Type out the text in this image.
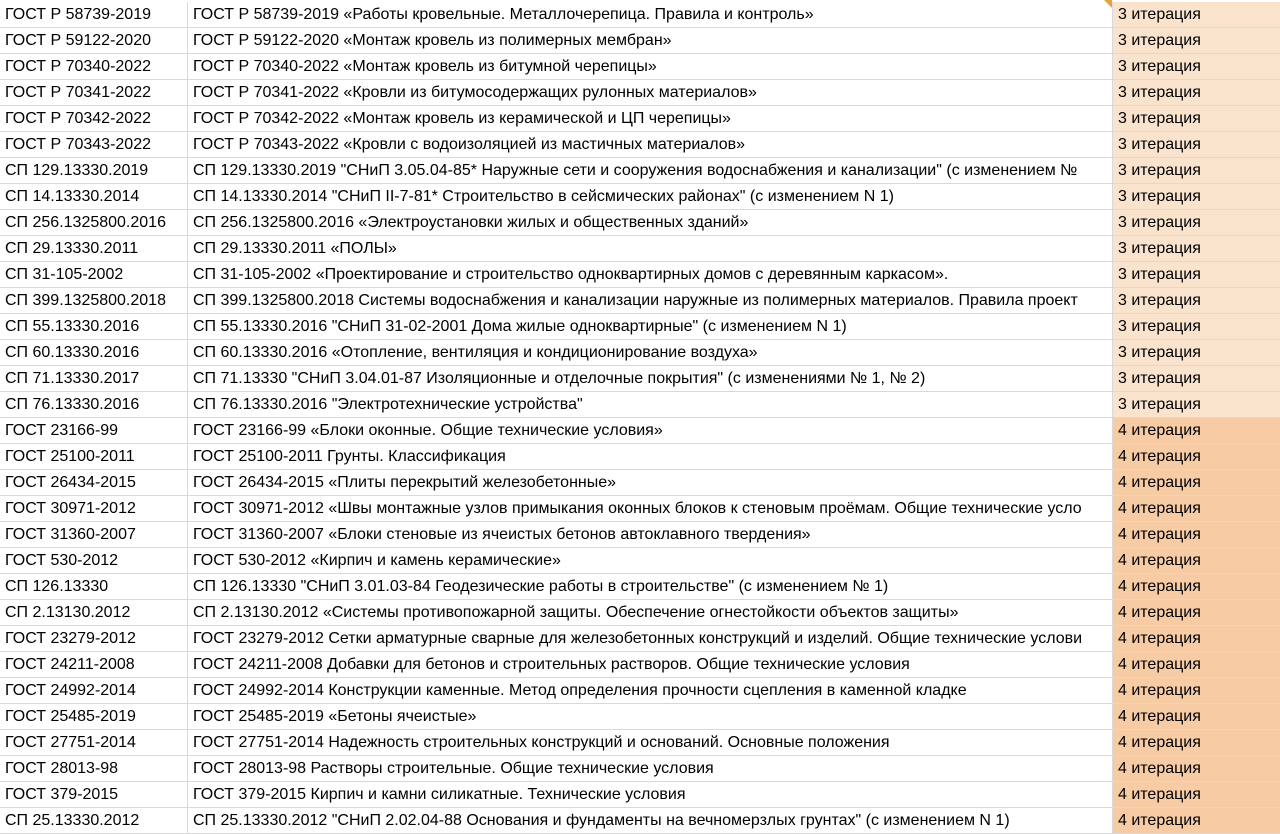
ГОСТ Р 58739-2019	ГОСТ Р 58739-2019 «Работы кровельные. Металлочерепица. Правила и контроль»	3 итерация
ГОСТ Р 59122-2020	ГОСТ Р 59122-2020 «Монтаж кровель из полимерных мембран»	3 итерация
ГОСТ Р 70340-2022	ГОСТ Р 70340-2022 «Монтаж кровель из битумной черепицы»	3 итерация
ГОСТ Р 70341-2022	ГОСТ Р 70341-2022 «Кровли из битумосодержащих рулонных материалов»	3 итерация
ГОСТ Р 70342-2022	ГОСТ Р 70342-2022 «Монтаж кровель из керамической и ЦП черепицы»	3 итерация
ГОСТ Р 70343-2022	ГОСТ Р 70343-2022 «Кровли с водоизоляцией из мастичных материалов»	3 итерация
СП 129.13330.2019	СП 129.13330.2019 "СНиП 3.05.04-85* Наружные сети и сооружения водоснабжения и канализации" (с изменением №	3 итерация
СП 14.13330.2014	СП 14.13330.2014 "СНиП II-7-81* Строительство в сейсмических районах" (с изменением N 1)	3 итерация
СП 256.1325800.2016	СП 256.1325800.2016 «Электроустановки жилых и общественных зданий»	3 итерация
СП 29.13330.2011	СП 29.13330.2011 «ПОЛЫ»	3 итерация
СП 31-105-2002	СП 31-105-2002 «Проектирование и строительство одноквартирных домов с деревянным каркасом».	3 итерация
СП 399.1325800.2018	СП 399.1325800.2018 Системы водоснабжения и канализации наружные из полимерных материалов. Правила проект	3 итерация
СП 55.13330.2016	СП 55.13330.2016 "СНиП 31-02-2001 Дома жилые одноквартирные" (с изменением N 1)	3 итерация
СП 60.13330.2016	СП 60.13330.2016 «Отопление, вентиляция и кондиционирование воздуха»	3 итерация
СП 71.13330.2017	СП 71.13330 "СНиП 3.04.01-87 Изоляционные и отделочные покрытия" (с изменениями № 1, № 2)	3 итерация
СП 76.13330.2016	СП 76.13330.2016 "Электротехнические устройства"	3 итерация
ГОСТ 23166-99	ГОСТ 23166-99 «Блоки оконные. Общие технические условия»	4 итерация
ГОСТ 25100-2011	ГОСТ 25100-2011 Грунты. Классификация	4 итерация
ГОСТ 26434-2015	ГОСТ 26434-2015 «Плиты перекрытий железобетонные»	4 итерация
ГОСТ 30971-2012	ГОСТ 30971-2012 «Швы монтажные узлов примыкания оконных блоков к стеновым проёмам. Общие технические усло	4 итерация
ГОСТ 31360-2007	ГОСТ 31360-2007 «Блоки стеновые из ячеистых бетонов автоклавного твердения»	4 итерация
ГОСТ 530-2012	ГОСТ 530-2012 «Кирпич и камень керамические»	4 итерация
СП 126.13330	СП 126.13330 "СНиП 3.01.03-84 Геодезические работы в строительстве" (с изменением № 1)	4 итерация
СП 2.13130.2012	СП 2.13130.2012 «Системы противопожарной защиты. Обеспечение огнестойкости объектов защиты»	4 итерация
ГОСТ 23279-2012	ГОСТ 23279-2012 Сетки арматурные сварные для железобетонных конструкций и изделий. Общие технические услови	4 итерация
ГОСТ 24211-2008	ГОСТ 24211-2008 Добавки для бетонов и строительных растворов. Общие технические условия	4 итерация
ГОСТ 24992-2014	ГОСТ 24992-2014 Конструкции каменные. Метод определения прочности сцепления в каменной кладке	4 итерация
ГОСТ 25485-2019	ГОСТ 25485-2019 «Бетоны ячеистые»	4 итерация
ГОСТ 27751-2014	ГОСТ 27751-2014 Надежность строительных конструкций и оснований. Основные положения	4 итерация
ГОСТ 28013-98	ГОСТ 28013-98 Растворы строительные. Общие технические условия	4 итерация
ГОСТ 379-2015	ГОСТ 379-2015 Кирпич и камни силикатные. Технические условия	4 итерация
СП 25.13330.2012	СП 25.13330.2012 "СНиП 2.02.04-88 Основания и фундаменты на вечномерзлых грунтах" (с изменением N 1)	4 итерация
